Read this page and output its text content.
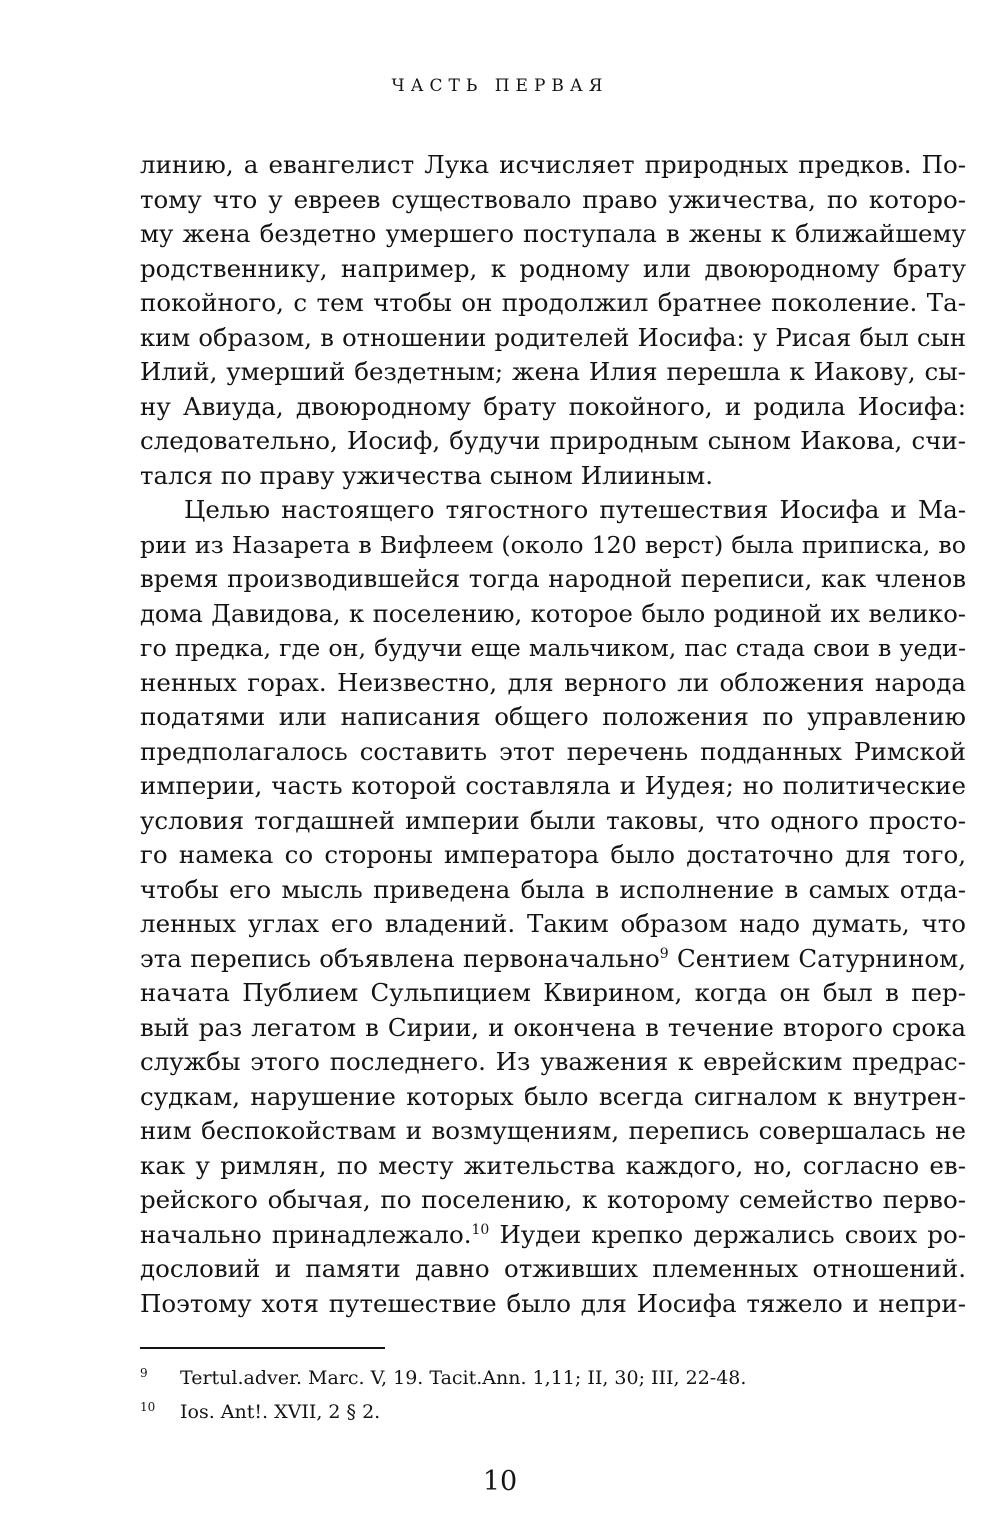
ЧАСТЬ ПЕРВАЯ
линию, а евангелист Лука исчисляет природных предков. По-
тому что у евреев существовало право ужичества, по которо-
му жена бездетно умершего поступала в жены к ближайшему
родственнику, например, к родному или двоюродному брату
покойного, с тем чтобы он продолжил братнее поколение. Та-
ким образом, в отношении родителей Иосифа: у Рисая был сын
Илий, умерший бездетным; жена Илия перешла к Иакову, сы-
ну Авиуда, двоюродному брату покойного, и родила Иосифа:
следовательно, Иосиф, будучи природным сыном Иакова, счи-
тался по праву ужичества сыном Илииным.
Целью настоящего тягостного путешествия Иосифа и Ма-
рии из Назарета в Вифлеем (около 120 верст) была приписка, во
время производившейся тогда народной переписи, как членов
дома Давидова, к поселению, которое было родиной их велико-
го предка, где он, будучи еще мальчиком, пас стада свои в уеди-
ненных горах. Неизвестно, для верного ли обложения народа
податями или написания общего положения по управлению
предполагалось составить этот перечень подданных Римской
империи, часть которой составляла и Иудея; но политические
условия тогдашней империи были таковы, что одного просто-
го намека со стороны императора было достаточно для того,
чтобы его мысль приведена была в исполнение в самых отда-
ленных углах его владений. Таким образом надо думать, что
эта перепись объявлена первоначально$^9$ Сентием Сатурнином,
начата Публием Сульпицием Квирином, когда он был в пер-
вый раз легатом в Сирии, и окончена в течение второго срока
службы этого последнего. Из уважения к еврейским предрас-
судкам, нарушение которых было всегда сигналом к внутрен-
ним беспокойствам и возмущениям, перепись совершалась не
как у римлян, по месту жительства каждого, но, согласно ев-
рейского обычая, по поселению, к которому семейство перво-
начально принадлежало.$^{10}$ Иудеи крепко держались своих ро-
дословий и памяти давно отживших племенных отношений.
Поэтому хотя путешествие было для Иосифа тяжело и непри-
9 Tertul.adver. Marc. V, 19. Tacit.Ann. 1,11; II, 30; III, 22-48.
10 Ios. Ant!. XVII, 2 § 2.
10
